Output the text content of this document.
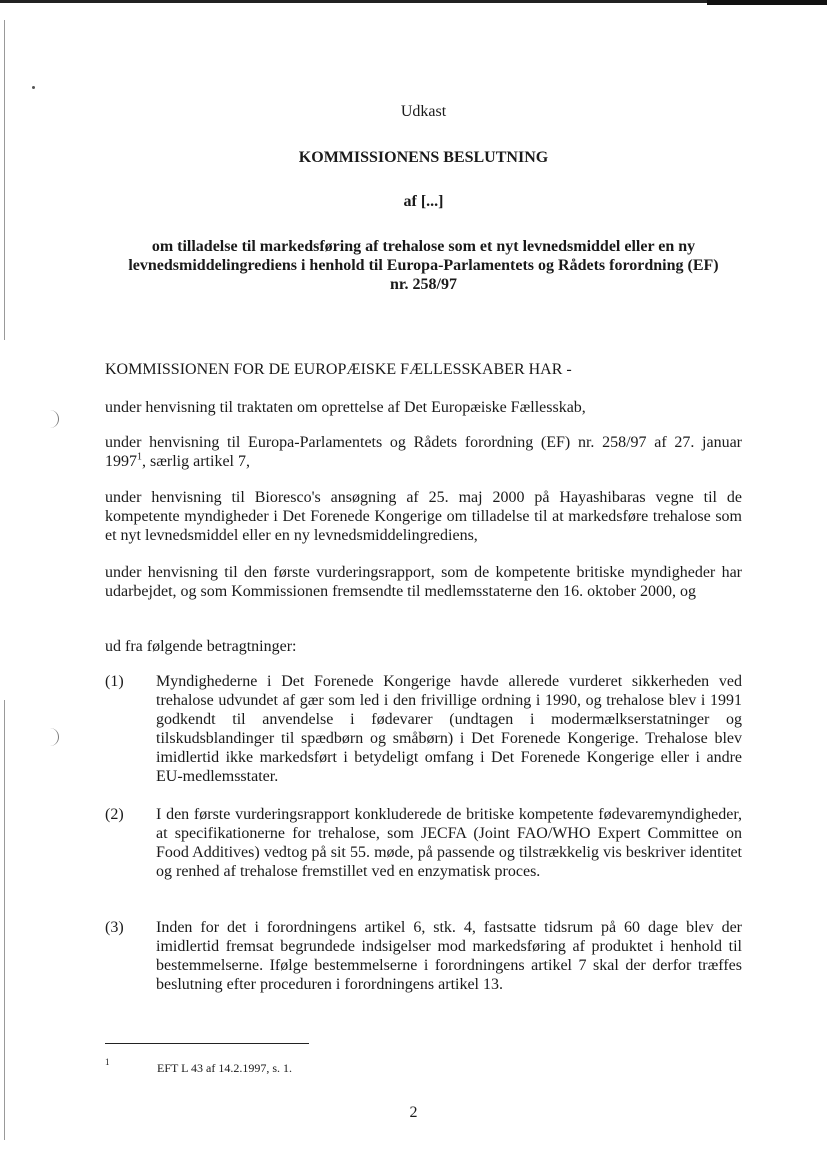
Udkast
KOMMISSIONENS BESLUTNING
af [...]
om tilladelse til markedsføring af trehalose som et nyt levnedsmiddel eller en ny
levnedsmiddelingrediens i henhold til Europa-Parlamentets og Rådets forordning (EF)
nr. 258/97
KOMMISSIONEN FOR DE EUROPÆISKE FÆLLESSKABER HAR -
under henvisning til traktaten om oprettelse af Det Europæiske Fællesskab,
under henvisning til Europa-Parlamentets og Rådets forordning (EF) nr. 258/97 af 27. januar 1997$^1$, særlig artikel 7,
under henvisning til Bioresco's ansøgning af 25. maj 2000 på Hayashibaras vegne til de kompetente myndigheder i Det Forenede Kongerige om tilladelse til at markedsføre trehalose som et nyt levnedsmiddel eller en ny levnedsmiddelingrediens,
under henvisning til den første vurderingsrapport, som de kompetente britiske myndigheder har udarbejdet, og som Kommissionen fremsendte til medlemsstaterne den 16. oktober 2000, og
ud fra følgende betragtninger:
(1)	Myndighederne i Det Forenede Kongerige havde allerede vurderet sikkerheden ved trehalose udvundet af gær som led i den frivillige ordning i 1990, og trehalose blev i 1991 godkendt til anvendelse i fødevarer (undtagen i modermælkserstatninger og tilskudsblandinger til spædbørn og småbørn) i Det Forenede Kongerige. Trehalose blev imidlertid ikke markedsført i betydeligt omfang i Det Forenede Kongerige eller i andre EU-medlemsstater.
(2)	I den første vurderingsrapport konkluderede de britiske kompetente fødevaremyndigheder, at specifikationerne for trehalose, som JECFA (Joint FAO/WHO Expert Committee on Food Additives) vedtog på sit 55. møde, på passende og tilstrækkelig vis beskriver identitet og renhed af trehalose fremstillet ved en enzymatisk proces.
(3)	Inden for det i forordningens artikel 6, stk. 4, fastsatte tidsrum på 60 dage blev der imidlertid fremsat begrundede indsigelser mod markedsføring af produktet i henhold til bestemmelserne. Ifølge bestemmelserne i forordningens artikel 7 skal der derfor træffes beslutning efter proceduren i forordningens artikel 13.
1	EFT L 43 af 14.2.1997, s. 1.
2
